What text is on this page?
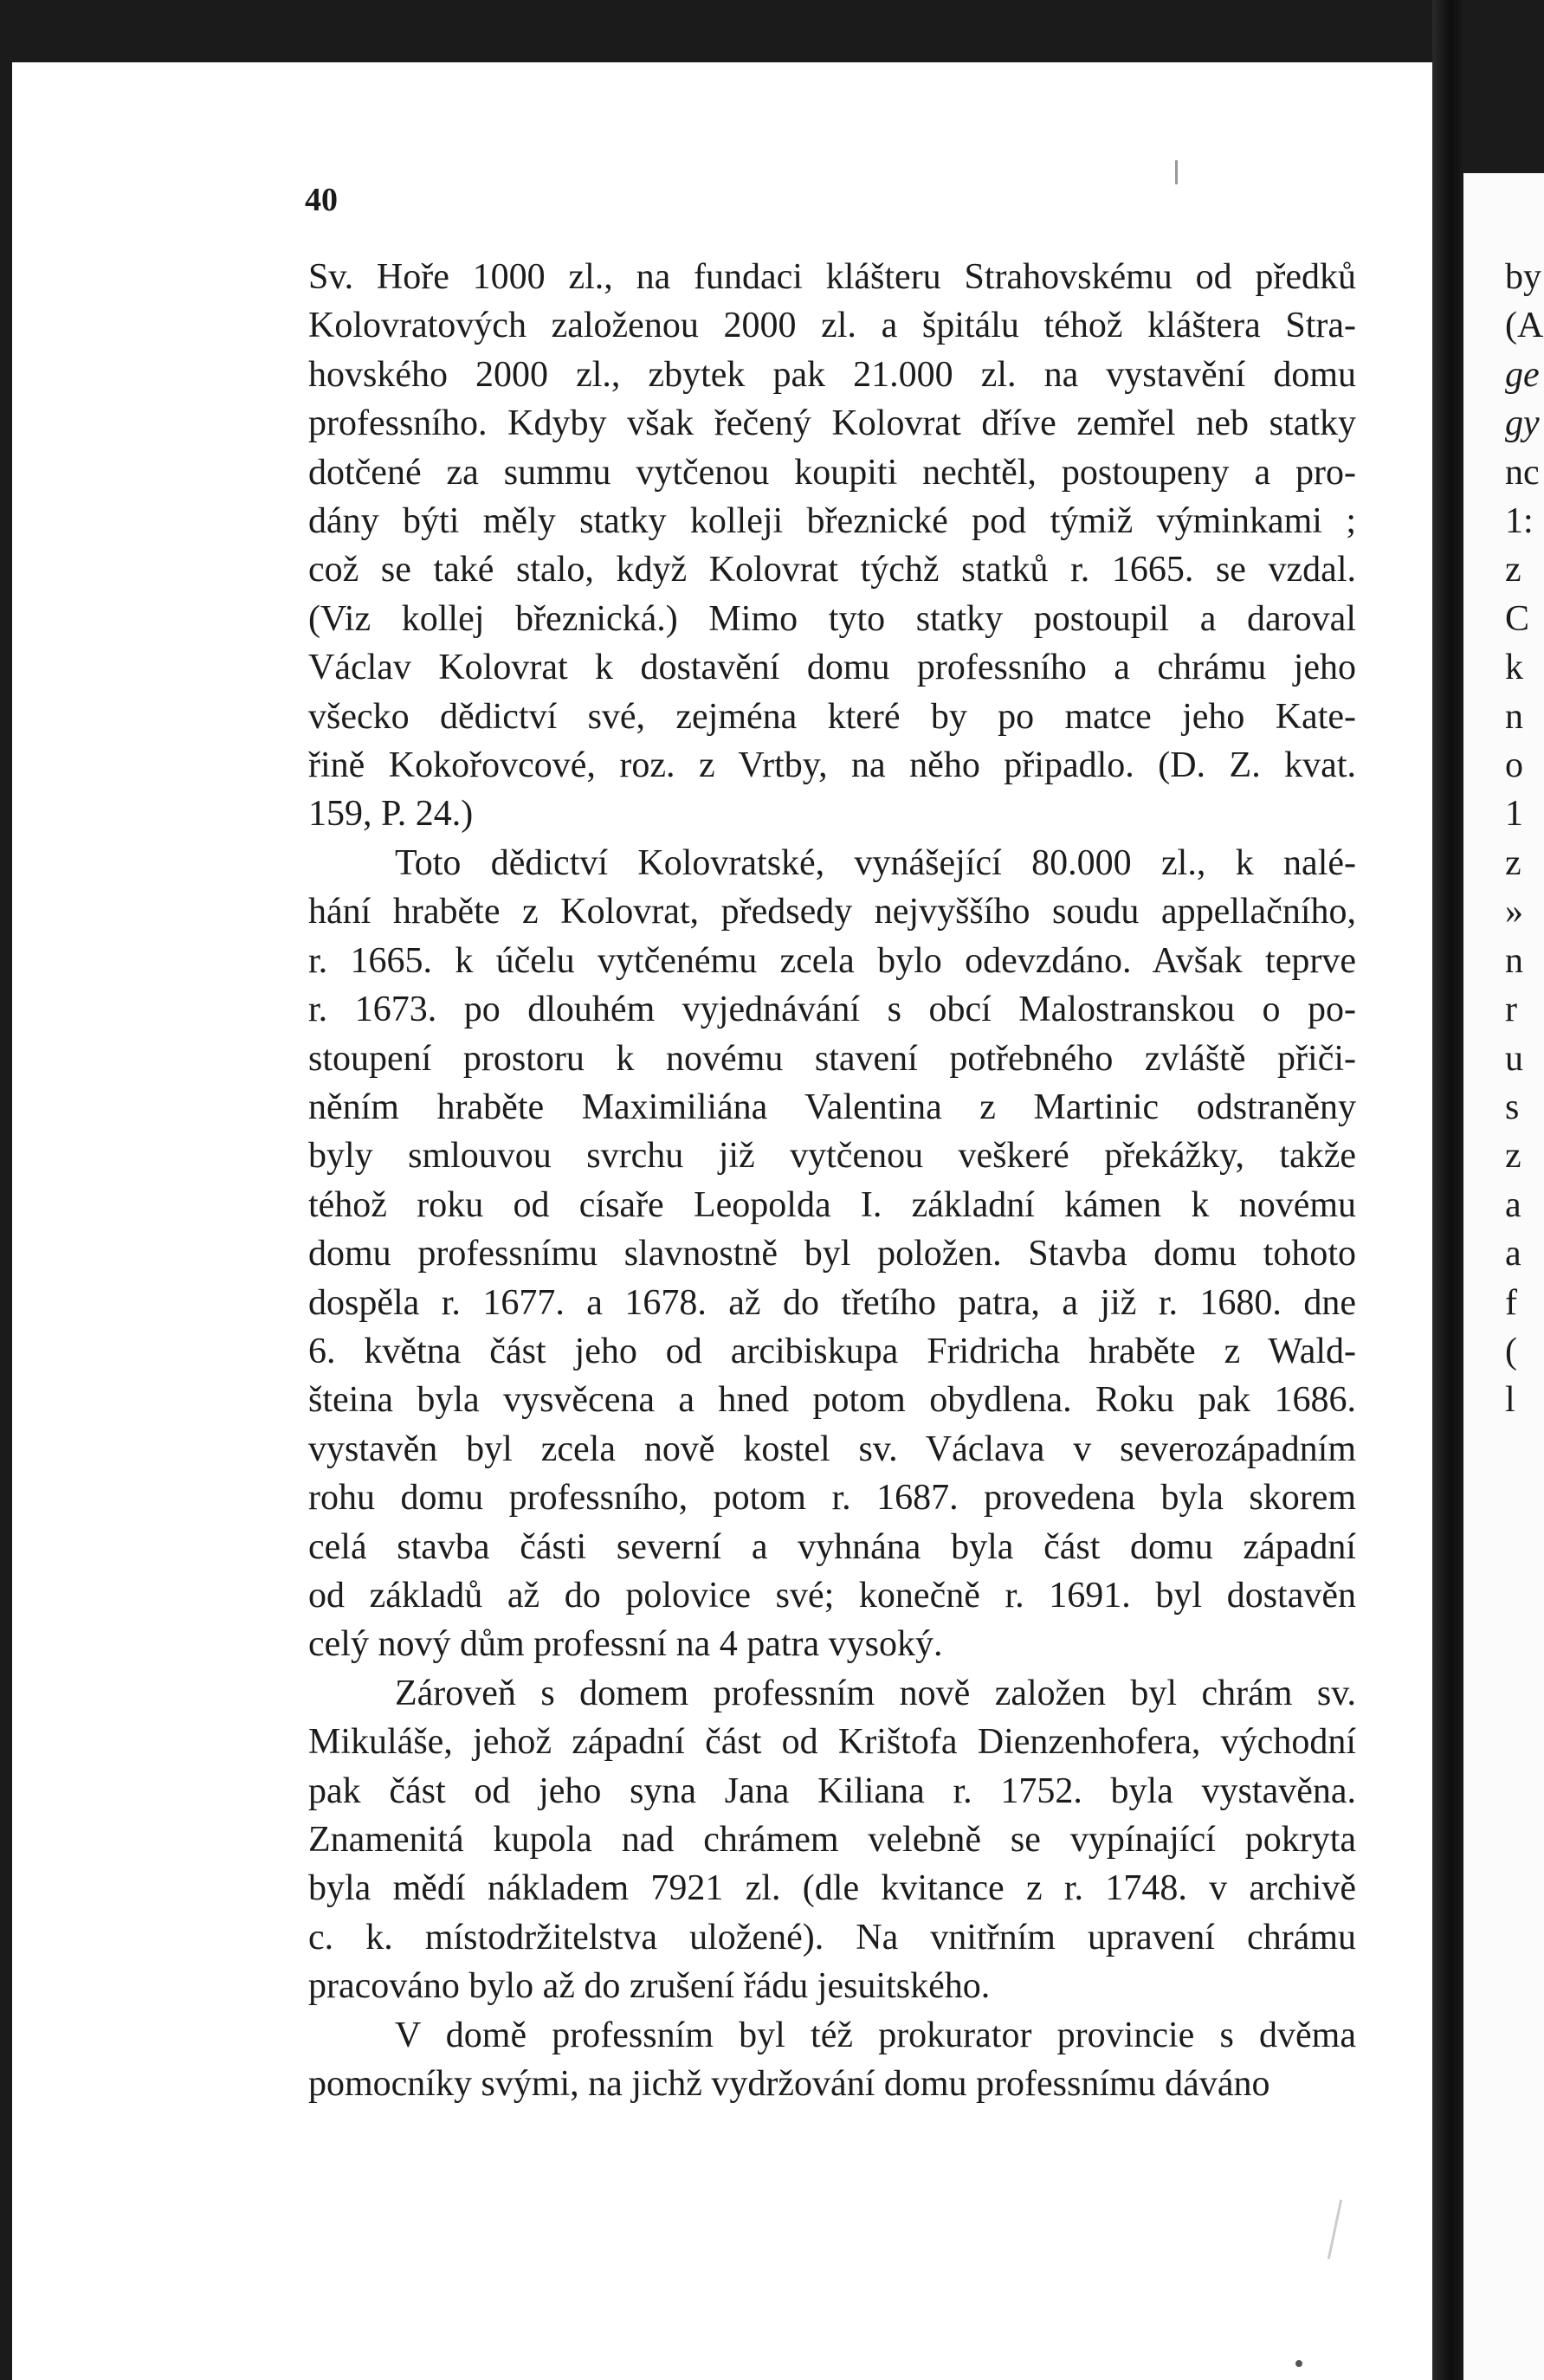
40

Sv. Hoře 1000 zl., na fundaci klášteru Strahovskému od předků
Kolovratových založenou 2000 zl. a špitálu téhož kláštera Stra-
hovského 2000 zl., zbytek pak 21.000 zl. na vystavění domu
professního. Kdyby však řečený Kolovrat dříve zemřel neb statky
dotčené za summu vytčenou koupiti nechtěl, postoupeny a pro-
dány býti měly statky kolleji březnické pod týmiž výminkami ;
což se také stalo, když Kolovrat týchž statků r. 1665. se vzdal.
(Viz kollej březnická.) Mimo tyto statky postoupil a daroval
Václav Kolovrat k dostavění domu professního a chrámu jeho
všecko dědictví své, zejména které by po matce jeho Kate-
řině Kokořovcové, roz. z Vrtby, na něho připadlo. (D. Z. kvat.
159, P. 24.)

Toto dědictví Kolovratské, vynášející 80.000 zl., k nalé-
hání hraběte z Kolovrat, předsedy nejvyššího soudu appellačního,
r. 1665. k účelu vytčenému zcela bylo odevzdáno. Avšak teprve
r. 1673. po dlouhém vyjednávání s obcí Malostranskou o po-
stoupení prostoru k novému stavení potřebného zvláště přiči-
něním hraběte Maximiliána Valentina z Martinic odstraněny
byly smlouvou svrchu již vytčenou veškeré překážky, takže
téhož roku od císaře Leopolda I. základní kámen k novému
domu professnímu slavnostně byl položen. Stavba domu tohoto
dospěla r. 1677. a 1678. až do třetího patra, a již r. 1680. dne
6. května část jeho od arcibiskupa Fridricha hraběte z Wald-
šteina byla vysvěcena a hned potom obydlena. Roku pak 1686.
vystavěn byl zcela nově kostel sv. Václava v severozápadním
rohu domu professního, potom r. 1687. provedena byla skorem
celá stavba části severní a vyhnána byla část domu západní
od základů až do polovice své; konečně r. 1691. byl dostavěn
celý nový dům professní na 4 patra vysoký.

Zároveň s domem professním nově založen byl chrám sv.
Mikuláše, jehož západní část od Krištofa Dienzenhofera, východní
pak část od jeho syna Jana Kiliana r. 1752. byla vystavěna.
Znamenitá kupola nad chrámem velebně se vypínající pokryta
byla mědí nákladem 7921 zl. (dle kvitance z r. 1748. v archivě
c. k. místodržitelstva uložené). Na vnitřním upravení chrámu
pracováno bylo až do zrušení řádu jesuitského.

V domě professním byl též prokurator provincie s dvěma
pomocníky svými, na jichž vydržování domu professnímu dáváno

by
(A
ge
gy
nc
1:
z
C
k
n
o
1
z
»
n
r
u
s
z
a
a
f
(
l
